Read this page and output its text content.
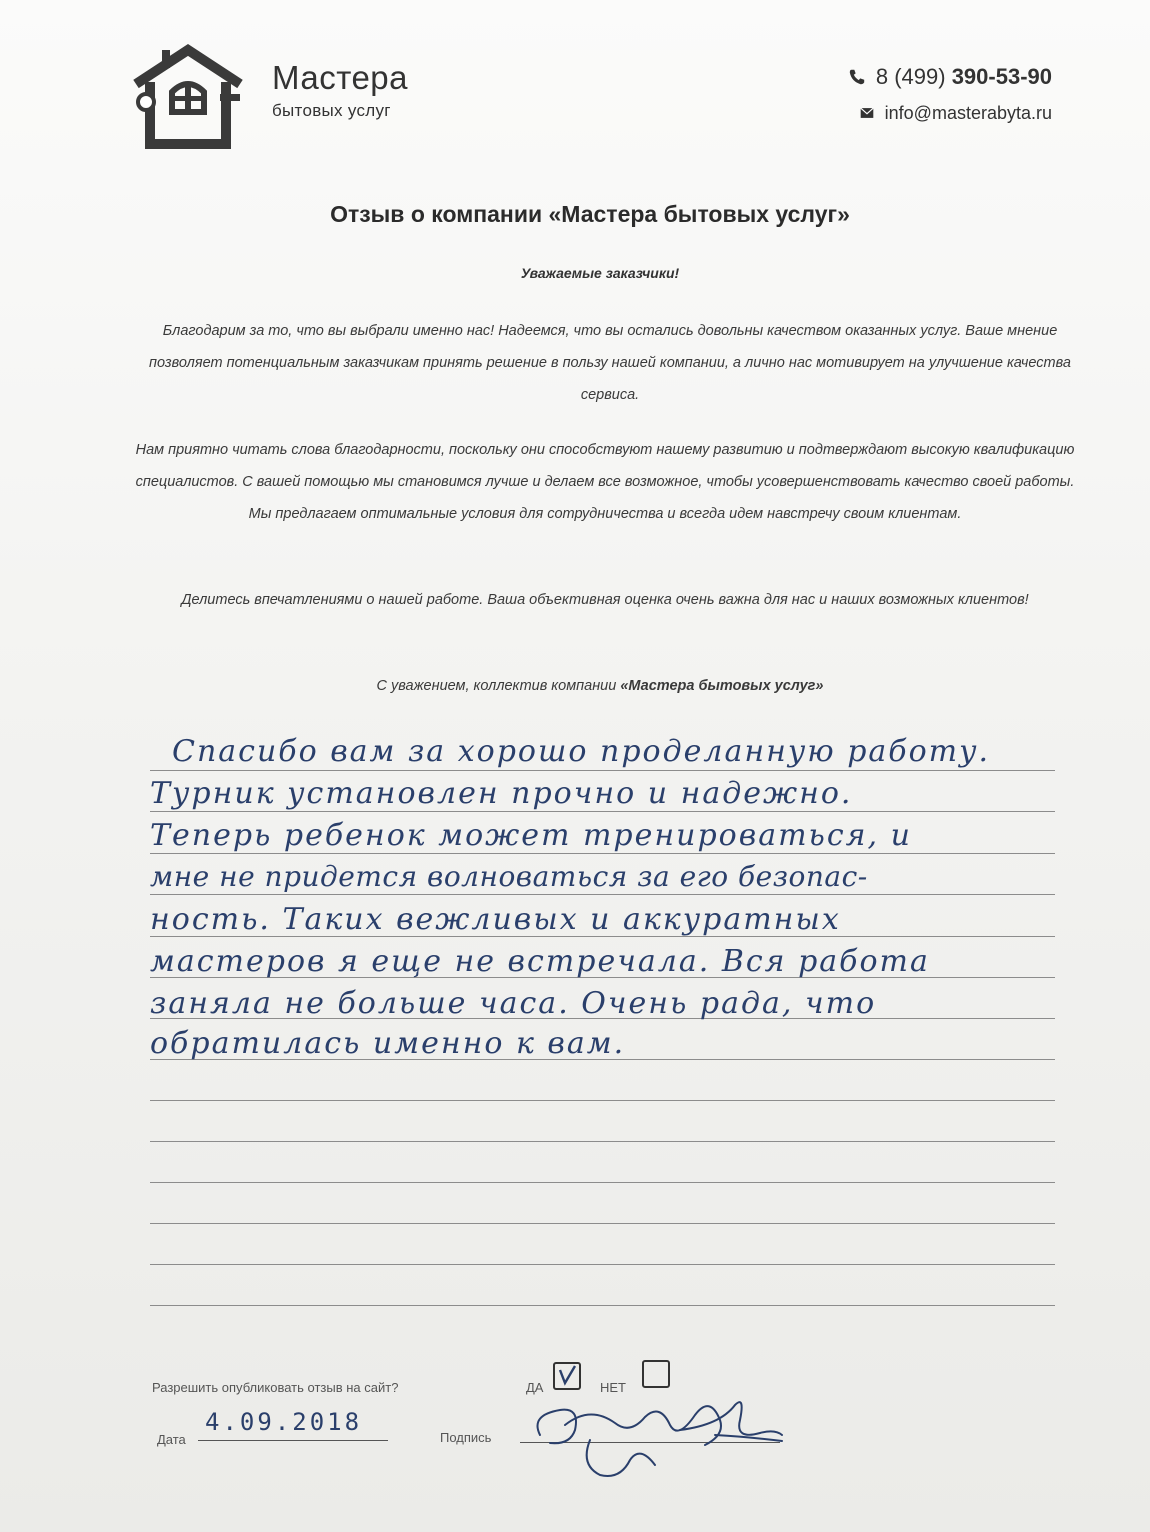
Мастера
бытовых услуг
8 (499) 390-53-90
info@masterabyta.ru
Отзыв о компании «Мастера бытовых услуг»
Уважаемые заказчики!
Благодарим за то, что вы выбрали именно нас! Надеемся, что вы остались довольны качеством оказанных услуг. Ваше мнение позволяет потенциальным заказчикам принять решение в пользу нашей компании, а лично нас мотивирует на улучшение качества сервиса.
Нам приятно читать слова благодарности, поскольку они способствуют нашему развитию и подтверждают высокую квалификацию специалистов. С вашей помощью мы становимся лучше и делаем все возможное, чтобы усовершенствовать качество своей работы. Мы предлагаем оптимальные условия для сотрудничества и всегда идем навстречу своим клиентам.
Делитесь впечатлениями о нашей работе. Ваша объективная оценка очень важна для нас и наших возможных клиентов!
С уважением, коллектив компании «Мастера бытовых услуг»
Спасибо вам за хорошо проделанную работу.
Турник установлен прочно и надежно.
Теперь ребенок может тренироваться, и
мне не придется волноваться за его безопас-
ность. Таких вежливых и аккуратных
мастеров я еще не встречала. Вся работа
заняла не больше часа. Очень рада, что
обратилась именно к вам.
Разрешить опубликовать отзыв на сайт?	ДА	НЕТ
Дата
4.09.2018
Подпись
